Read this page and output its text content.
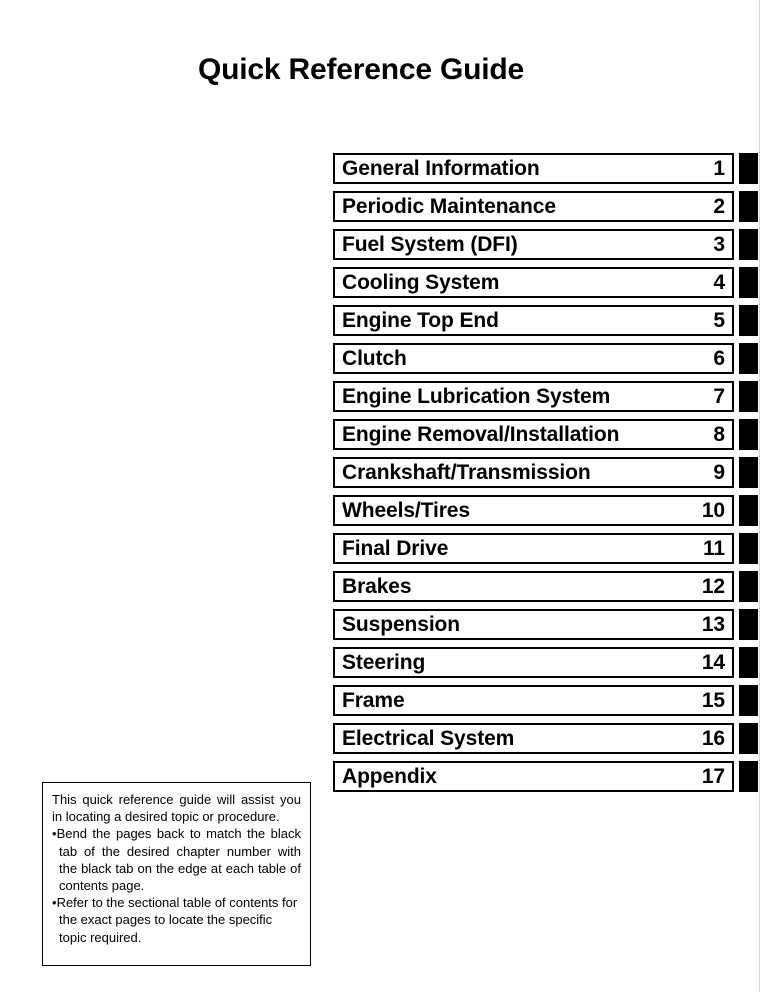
Quick Reference Guide
General Information	1
Periodic Maintenance	2
Fuel System (DFI)	3
Cooling System	4
Engine Top End	5
Clutch	6
Engine Lubrication System	7
Engine Removal/Installation	8
Crankshaft/Transmission	9
Wheels/Tires	10
Final Drive	11
Brakes	12
Suspension	13
Steering	14
Frame	15
Electrical System	16
Appendix	17

This quick reference guide will assist you in locating a desired topic or procedure.

•Bend the pages back to match the black tab of the desired chapter number with the black tab on the edge at each table of contents page.

•Refer to the sectional table of contents for the exact pages to locate the specific topic required.
